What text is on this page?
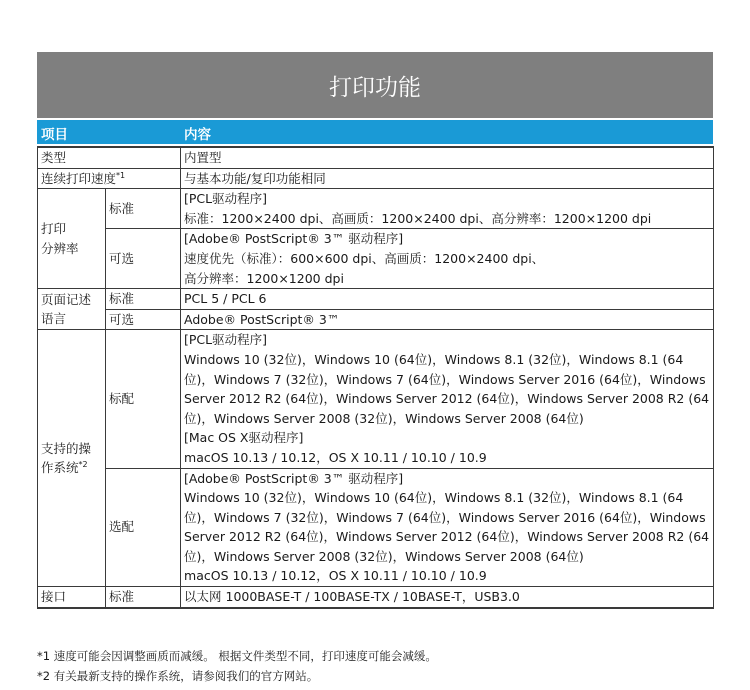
打印功能
项目	内容
类型		内置型
连续打印速度$^{*1}$		与基本功能/复印功能相同

打印
分辨率	标准	[PCL驱动程序]
标准：1200×2400 dpi、高画质：1200×2400 dpi、高分辨率：1200×1200 dpi

	可选	[Adobe® PostScript® 3™ 驱动程序]
速度优先（标准）：600×600 dpi、高画质：1200×2400 dpi、
高分辨率：1200×1200 dpi

页面记述
语言	标准	PCL 5 / PCL 6
	可选	Adobe® PostScript® 3™

支持的操
作系统$^{*2}$	标配	[PCL驱动程序]
Windows 10 (32位)，Windows 10 (64位)，Windows 8.1 (32位)，Windows 8.1 (64位)，Windows 7 (32位)，Windows 7 (64位)，Windows Server 2016 (64位)，Windows Server 2012 R2 (64位)，Windows Server 2012 (64位)，Windows Server 2008 R2 (64位)，Windows Server 2008 (32位)，Windows Server 2008 (64位)
[Mac OS X驱动程序]
macOS 10.13 / 10.12，OS X 10.11 / 10.10 / 10.9

	选配	[Adobe® PostScript® 3™ 驱动程序]
Windows 10 (32位)，Windows 10 (64位)，Windows 8.1 (32位)，Windows 8.1 (64位)，Windows 7 (32位)，Windows 7 (64位)，Windows Server 2016 (64位)，Windows Server 2012 R2 (64位)，Windows Server 2012 (64位)，Windows Server 2008 R2 (64位)，Windows Server 2008 (32位)，Windows Server 2008 (64位)
macOS 10.13 / 10.12，OS X 10.11 / 10.10 / 10.9

接口	标准	以太网 1000BASE-T / 100BASE-TX / 10BASE-T，USB3.0
*1 速度可能会因调整画质而减缓。 根据文件类型不同，打印速度可能会减缓。
*2 有关最新支持的操作系统，请参阅我们的官方网站。
